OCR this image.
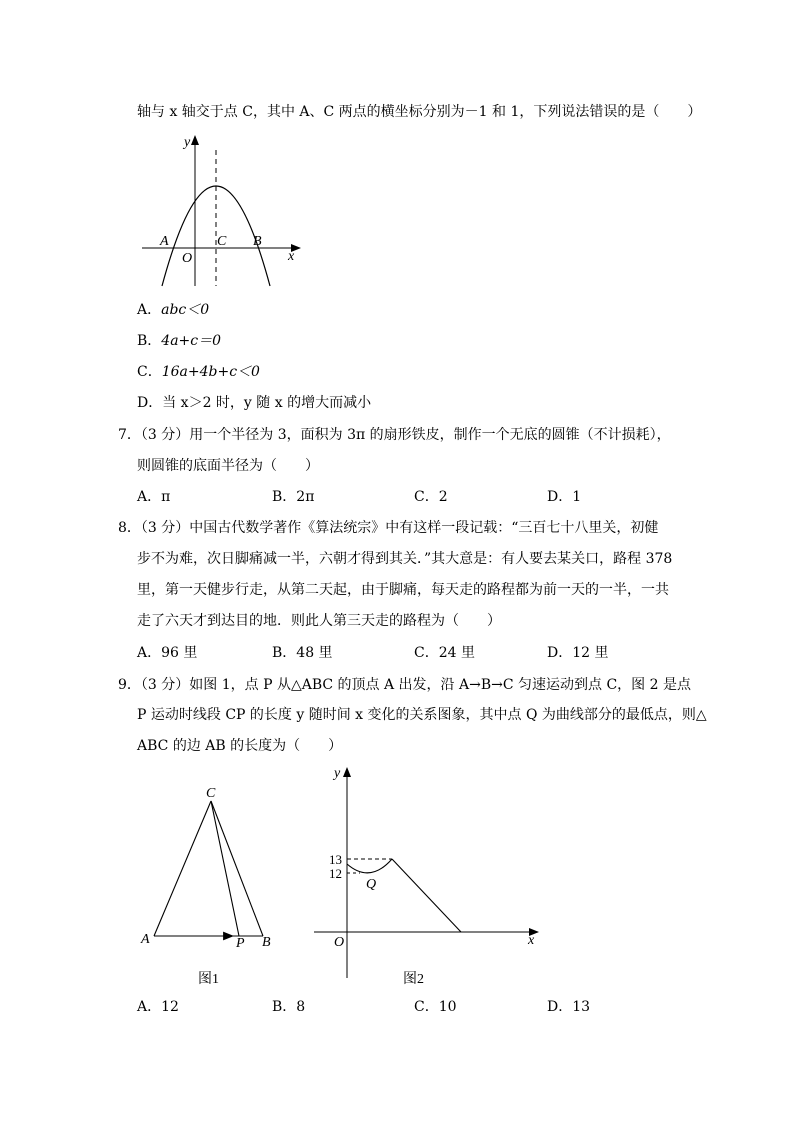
轴与 x 轴交于点 C，其中 A、C 两点的横坐标分别为－1 和 1，下列说法错误的是（　　）
y
x
A
O
C B
A．abc＜0
B．4a+c＝0
C．16a+4b+c＜0
D．当 x＞2 时，y 随 x 的增大而减小
7．（3 分）用一个半径为 3，面积为 3π 的扇形铁皮，制作一个无底的圆锥（不计损耗），
则圆锥的底面半径为（　　）
A．π	B．2π	C．2	D．1
8．（3 分）中国古代数学著作《算法统宗》中有这样一段记载：“三百七十八里关，初健
步不为难，次日脚痛减一半，六朝才得到其关．”其大意是：有人要去某关口，路程 378
里，第一天健步行走，从第二天起，由于脚痛，每天走的路程都为前一天的一半，一共
走了六天才到达目的地．则此人第三天走的路程为（　　）
A．96 里	B．48 里	C．24 里	D．12 里
9．（3 分）如图 1，点 P 从△ABC 的顶点 A 出发，沿 A→B→C 匀速运动到点 C，图 2 是点
P 运动时线段 CP 的长度 y 随时间 x 变化的关系图象，其中点 Q 为曲线部分的最低点，则△
ABC 的边 AB 的长度为（　　）
C
A	P B
图1
y
x
O
Q
13
12
图2
A．12	B．8	C．10	D．13
